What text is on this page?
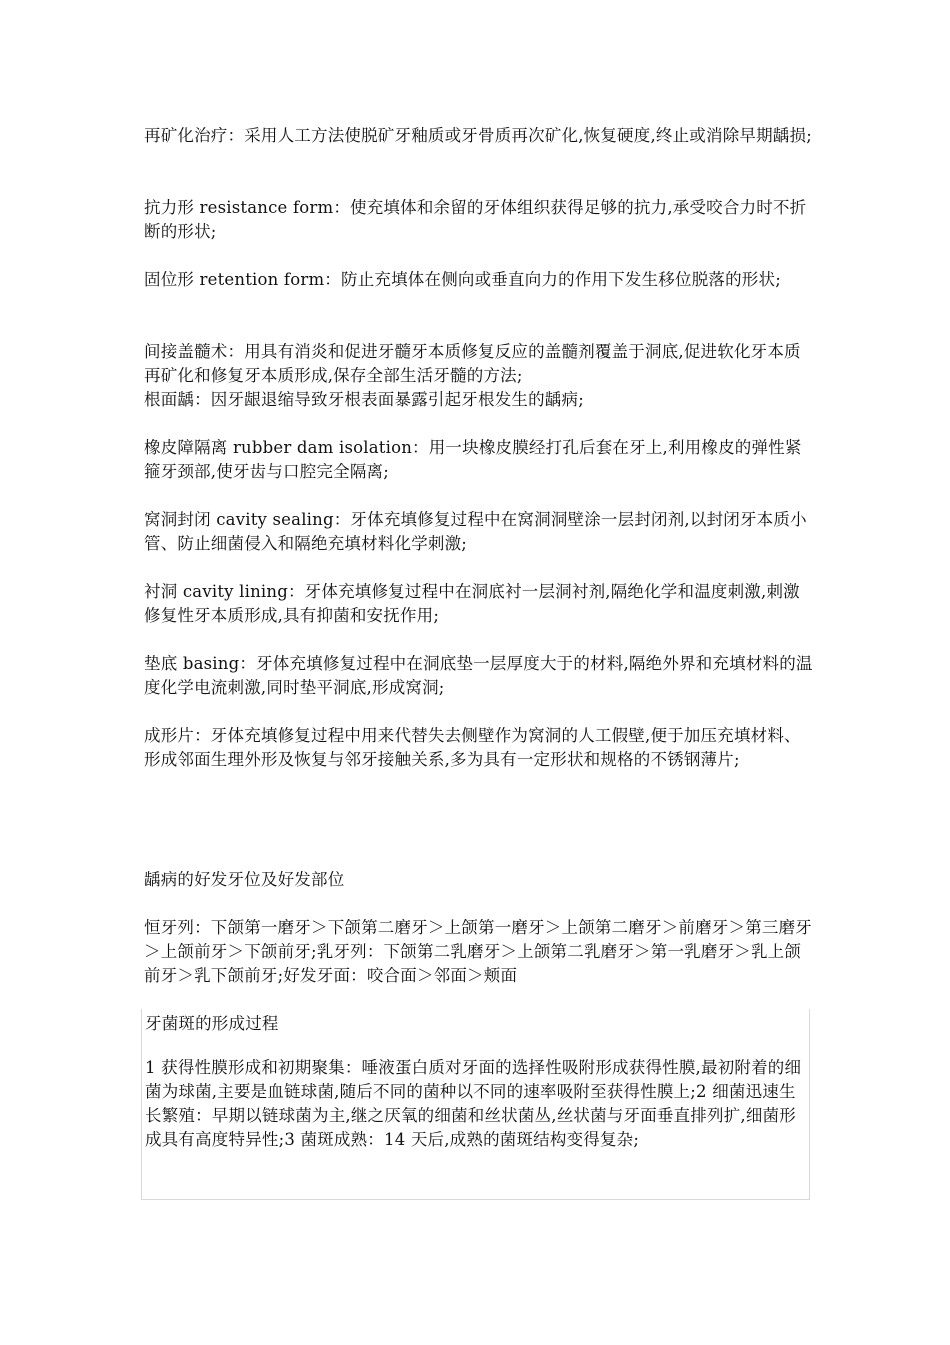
再矿化治疗：采用人工方法使脱矿牙釉质或牙骨质再次矿化,恢复硬度,终止或消除早期龋损;

抗力形 resistance form：使充填体和余留的牙体组织获得足够的抗力,承受咬合力时不折断的形状;

固位形 retention form：防止充填体在侧向或垂直向力的作用下发生移位脱落的形状;

间接盖髓术：用具有消炎和促进牙髓牙本质修复反应的盖髓剂覆盖于洞底,促进软化牙本质再矿化和修复牙本质形成,保存全部生活牙髓的方法;

根面龋：因牙龈退缩导致牙根表面暴露引起牙根发生的龋病;

橡皮障隔离 rubber dam isolation：用一块橡皮膜经打孔后套在牙上,利用橡皮的弹性紧箍牙颈部,使牙齿与口腔完全隔离;

窝洞封闭 cavity sealing：牙体充填修复过程中在窝洞洞壁涂一层封闭剂,以封闭牙本质小管、防止细菌侵入和隔绝充填材料化学刺激;

衬洞 cavity lining：牙体充填修复过程中在洞底衬一层洞衬剂,隔绝化学和温度刺激,刺激修复性牙本质形成,具有抑菌和安抚作用;

垫底 basing：牙体充填修复过程中在洞底垫一层厚度大于的材料,隔绝外界和充填材料的温度化学电流刺激,同时垫平洞底,形成窝洞;

成形片：牙体充填修复过程中用来代替失去侧壁作为窝洞的人工假壁,便于加压充填材料、形成邻面生理外形及恢复与邻牙接触关系,多为具有一定形状和规格的不锈钢薄片;

龋病的好发牙位及好发部位

恒牙列：下颌第一磨牙＞下颌第二磨牙＞上颌第一磨牙＞上颌第二磨牙＞前磨牙＞第三磨牙＞上颌前牙＞下颌前牙;乳牙列：下颌第二乳磨牙＞上颌第二乳磨牙＞第一乳磨牙＞乳上颌前牙＞乳下颌前牙;好发牙面：咬合面＞邻面＞颊面

牙菌斑的形成过程

1 获得性膜形成和初期聚集：唾液蛋白质对牙面的选择性吸附形成获得性膜,最初附着的细菌为球菌,主要是血链球菌,随后不同的菌种以不同的速率吸附至获得性膜上;2 细菌迅速生长繁殖：早期以链球菌为主,继之厌氧的细菌和丝状菌丛,丝状菌与牙面垂直排列扩,细菌形成具有高度特异性;3 菌斑成熟：14 天后,成熟的菌斑结构变得复杂;
